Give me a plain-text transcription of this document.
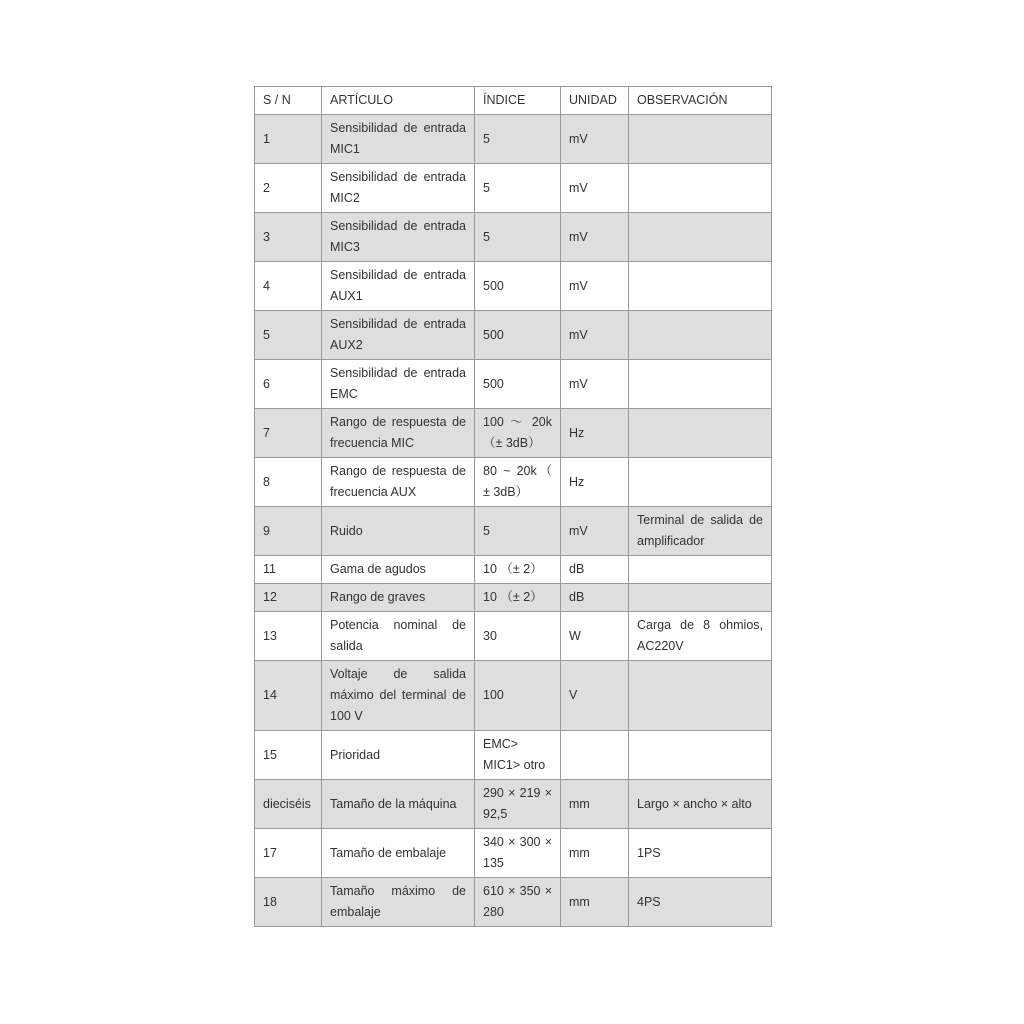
S / N	ARTÍCULO	ÍNDICE	UNIDAD	OBSERVACIÓN
1	Sensibilidad de entrada MIC1	5	mV	
2	Sensibilidad de entrada MIC2	5	mV	
3	Sensibilidad de entrada MIC3	5	mV	
4	Sensibilidad de entrada AUX1	500	mV	
5	Sensibilidad de entrada AUX2	500	mV	
6	Sensibilidad de entrada EMC	500	mV	
7	Rango de respuesta de frecuencia MIC	100 ～ 20k （± 3dB）	Hz	
8	Rango de respuesta de frecuencia AUX	80 ~ 20k（ ± 3dB）	Hz	
9	Ruido	5	mV	Terminal de salida de amplificador
11	Gama de agudos	10 （± 2）	dB	
12	Rango de graves	10 （± 2）	dB	
13	Potencia nominal de salida	30	W	Carga de 8 ohmios, AC220V
14	Voltaje de salida máximo del terminal de 100 V	100	V	
15	Prioridad	EMC> MIC1> otro		
dieciséis	Tamaño de la máquina	290 × 219 × 92,5	mm	Largo × ancho × alto
17	Tamaño de embalaje	340 × 300 × 135	mm	1PS
18	Tamaño máximo de embalaje	610 × 350 × 280	mm	4PS
